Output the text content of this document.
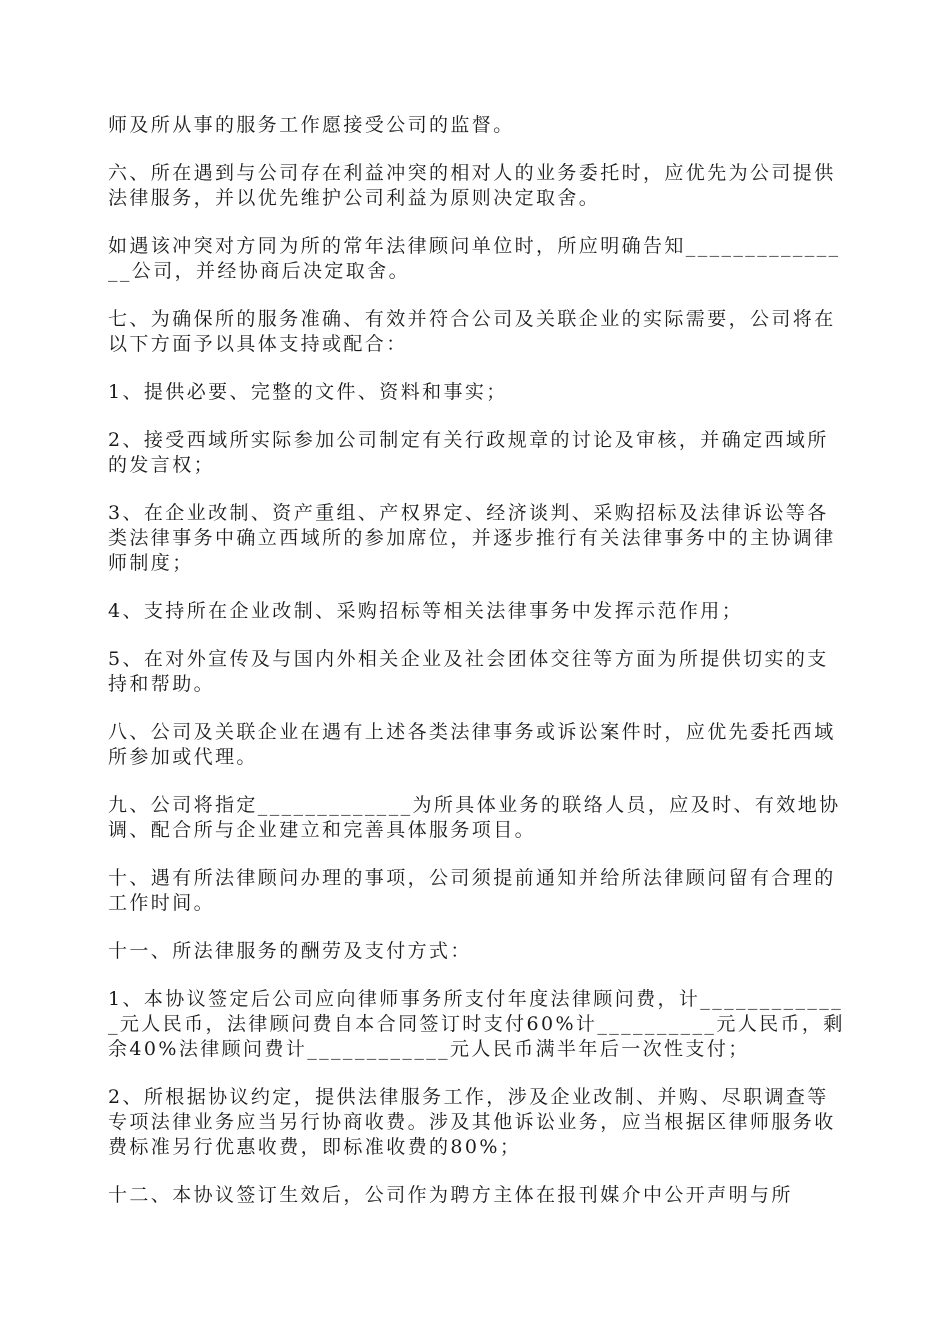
师及所从事的服务工作愿接受公司的监督。

六、所在遇到与公司存在利益冲突的相对人的业务委托时，应优先为公司提供法律服务，并以优先维护公司利益为原则决定取舍。

如遇该冲突对方同为所的常年法律顾问单位时，所应明确告知_______________公司，并经协商后决定取舍。

七、为确保所的服务准确、有效并符合公司及关联企业的实际需要，公司将在以下方面予以具体支持或配合：

1、提供必要、完整的文件、资料和事实；

2、接受西域所实际参加公司制定有关行政规章的讨论及审核，并确定西域所的发言权；

3、在企业改制、资产重组、产权界定、经济谈判、采购招标及法律诉讼等各类法律事务中确立西域所的参加席位，并逐步推行有关法律事务中的主协调律师制度；

4、支持所在企业改制、采购招标等相关法律事务中发挥示范作用；

5、在对外宣传及与国内外相关企业及社会团体交往等方面为所提供切实的支持和帮助。

八、公司及关联企业在遇有上述各类法律事务或诉讼案件时，应优先委托西域所参加或代理。

九、公司将指定_____________为所具体业务的联络人员，应及时、有效地协调、配合所与企业建立和完善具体服务项目。

十、遇有所法律顾问办理的事项，公司须提前通知并给所法律顾问留有合理的工作时间。

十一、所法律服务的酬劳及支付方式：

1、本协议签定后公司应向律师事务所支付年度法律顾问费，计_____________元人民币，法律顾问费自本合同签订时支付60%计__________元人民币，剩余40%法律顾问费计____________元人民币满半年后一次性支付；

2、所根据协议约定，提供法律服务工作，涉及企业改制、并购、尽职调查等专项法律业务应当另行协商收费。涉及其他诉讼业务，应当根据区律师服务收费标准另行优惠收费，即标准收费的80%；

十二、本协议签订生效后，公司作为聘方主体在报刊媒介中公开声明与所
